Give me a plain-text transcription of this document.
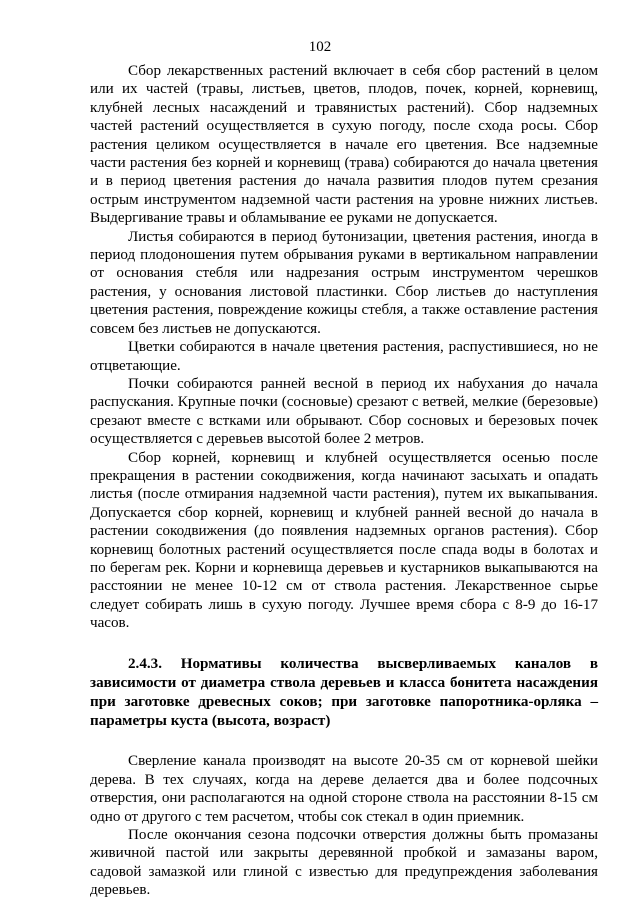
102

Сбор лекарственных растений включает в себя сбор растений в целом или их частей (травы, листьев, цветов, плодов, почек, корней, корневищ, клубней лесных насаждений и травянистых растений). Сбор надземных частей растений осуществляется в сухую погоду, после схода росы. Сбор растения целиком осуществляется в начале его цветения. Все надземные части растения без корней и корневищ (трава) собираются до начала цветения и в период цветения растения до начала развития плодов путем срезания острым инструментом надземной части растения на уровне нижних листьев. Выдергивание травы и обламывание ее руками не допускается.

Листья собираются в период бутонизации, цветения растения, иногда в период плодоношения путем обрывания руками в вертикальном направлении от основания стебля или надрезания острым инструментом черешков растения, у основания листовой пластинки. Сбор листьев до наступления цветения растения, повреждение кожицы стебля, а также оставление растения совсем без листьев не допускаются.

Цветки собираются в начале цветения растения, распустившиеся, но не отцветающие.

Почки собираются ранней весной в период их набухания до начала распускания. Крупные почки (сосновые) срезают с ветвей, мелкие (березовые) срезают вместе с встками или обрывают. Сбор сосновых и березовых почек осуществляется с деревьев высотой более 2 метров.

Сбор корней, корневищ и клубней осуществляется осенью после прекращения в растении сокодвижения, когда начинают засыхать и опадать листья (после отмирания надземной части растения), путем их выкапывания. Допускается сбор корней, корневищ и клубней ранней весной до начала в растении сокодвижения (до появления надземных органов растения). Сбор корневищ болотных растений осуществляется после спада воды в болотах и по берегам рек. Корни и корневища деревьев и кустарников выкапываются на расстоянии не менее 10-12 см от ствола растения. Лекарственное сырье следует собирать лишь в сухую погоду. Лучшее время сбора с 8-9 до 16-17 часов.

2.4.3. Нормативы количества высверливаемых каналов в зависимости от диаметра ствола деревьев и класса бонитета насаждения при заготовке древесных соков; при заготовке папоротника-орляка – параметры куста (высота, возраст)

Сверление канала производят на высоте 20-35 см от корневой шейки дерева. В тех случаях, когда на дереве делается два и более подсочных отверстия, они располагаются на одной стороне ствола на расстоянии 8-15 см одно от другого с тем расчетом, чтобы сок стекал в один приемник.

После окончания сезона подсочки отверстия должны быть промазаны живичной пастой или закрыты деревянной пробкой и замазаны варом, садовой замазкой или глиной с известью для предупреждения заболевания деревьев.
